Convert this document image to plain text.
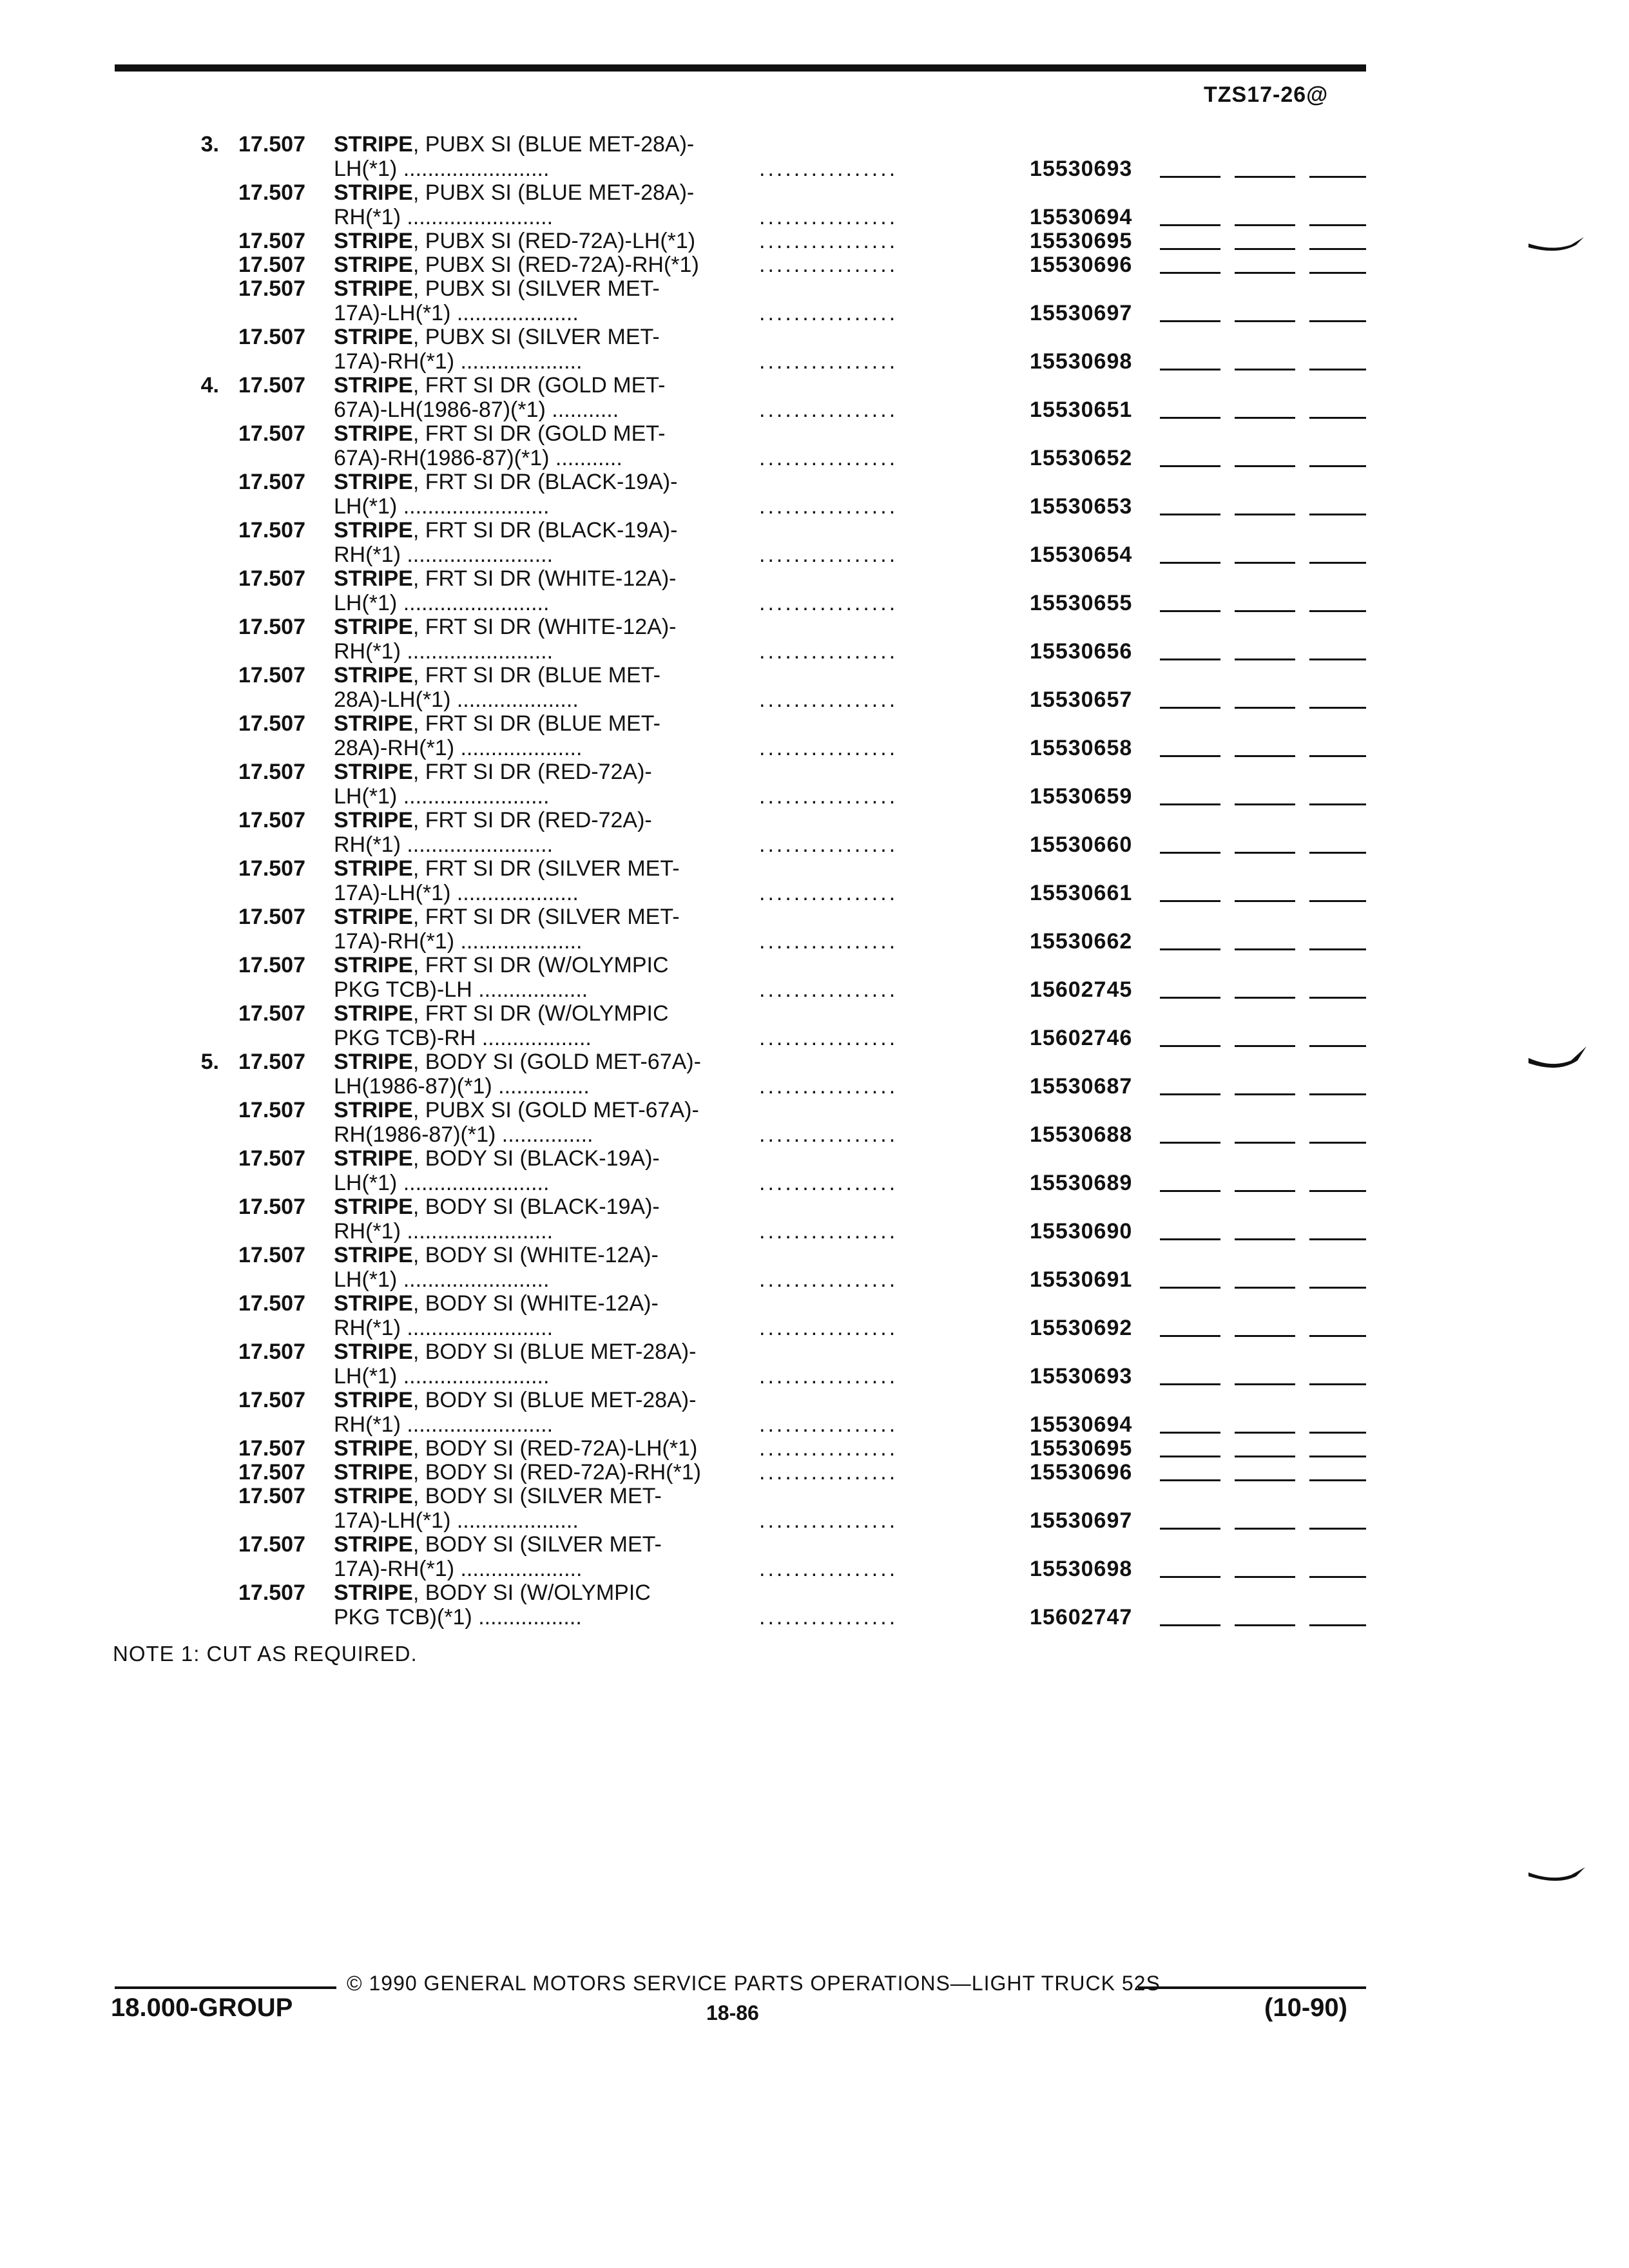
TZS17-26@
3. 17.507 STRIPE, PUBX SI (BLUE MET-28A)-
LH(*1) ........................	................	15530693
17.507 STRIPE, PUBX SI (BLUE MET-28A)-
RH(*1) ........................	................	15530694
17.507 STRIPE, PUBX SI (RED-72A)-LH(*1)	................	15530695
17.507 STRIPE, PUBX SI (RED-72A)-RH(*1)	................	15530696
17.507 STRIPE, PUBX SI (SILVER MET-
17A)-LH(*1) ....................	................	15530697
17.507 STRIPE, PUBX SI (SILVER MET-
17A)-RH(*1) ....................	................	15530698
4. 17.507 STRIPE, FRT SI DR (GOLD MET-
67A)-LH(1986-87)(*1) ...........	................	15530651
17.507 STRIPE, FRT SI DR (GOLD MET-
67A)-RH(1986-87)(*1) ...........	................	15530652
17.507 STRIPE, FRT SI DR (BLACK-19A)-
LH(*1) ........................	................	15530653
17.507 STRIPE, FRT SI DR (BLACK-19A)-
RH(*1) ........................	................	15530654
17.507 STRIPE, FRT SI DR (WHITE-12A)-
LH(*1) ........................	................	15530655
17.507 STRIPE, FRT SI DR (WHITE-12A)-
RH(*1) ........................	................	15530656
17.507 STRIPE, FRT SI DR (BLUE MET-
28A)-LH(*1) ....................	................	15530657
17.507 STRIPE, FRT SI DR (BLUE MET-
28A)-RH(*1) ....................	................	15530658
17.507 STRIPE, FRT SI DR (RED-72A)-
LH(*1) ........................	................	15530659
17.507 STRIPE, FRT SI DR (RED-72A)-
RH(*1) ........................	................	15530660
17.507 STRIPE, FRT SI DR (SILVER MET-
17A)-LH(*1) ....................	................	15530661
17.507 STRIPE, FRT SI DR (SILVER MET-
17A)-RH(*1) ....................	................	15530662
17.507 STRIPE, FRT SI DR (W/OLYMPIC
PKG TCB)-LH ..................	................	15602745
17.507 STRIPE, FRT SI DR (W/OLYMPIC
PKG TCB)-RH ..................	................	15602746
5. 17.507 STRIPE, BODY SI (GOLD MET-67A)-
LH(1986-87)(*1) ...............	................	15530687
17.507 STRIPE, PUBX SI (GOLD MET-67A)-
RH(1986-87)(*1) ...............	................	15530688
17.507 STRIPE, BODY SI (BLACK-19A)-
LH(*1) ........................	................	15530689
17.507 STRIPE, BODY SI (BLACK-19A)-
RH(*1) ........................	................	15530690
17.507 STRIPE, BODY SI (WHITE-12A)-
LH(*1) ........................	................	15530691
17.507 STRIPE, BODY SI (WHITE-12A)-
RH(*1) ........................	................	15530692
17.507 STRIPE, BODY SI (BLUE MET-28A)-
LH(*1) ........................	................	15530693
17.507 STRIPE, BODY SI (BLUE MET-28A)-
RH(*1) ........................	................	15530694
17.507 STRIPE, BODY SI (RED-72A)-LH(*1)	................	15530695
17.507 STRIPE, BODY SI (RED-72A)-RH(*1)	................	15530696
17.507 STRIPE, BODY SI (SILVER MET-
17A)-LH(*1) ....................	................	15530697
17.507 STRIPE, BODY SI (SILVER MET-
17A)-RH(*1) ....................	................	15530698
17.507 STRIPE, BODY SI (W/OLYMPIC
PKG TCB)(*1) .................	................	15602747
NOTE 1: CUT AS REQUIRED.
© 1990 GENERAL MOTORS SERVICE PARTS OPERATIONS—LIGHT TRUCK 52S
18.000-GROUP	18-86	(10-90)
